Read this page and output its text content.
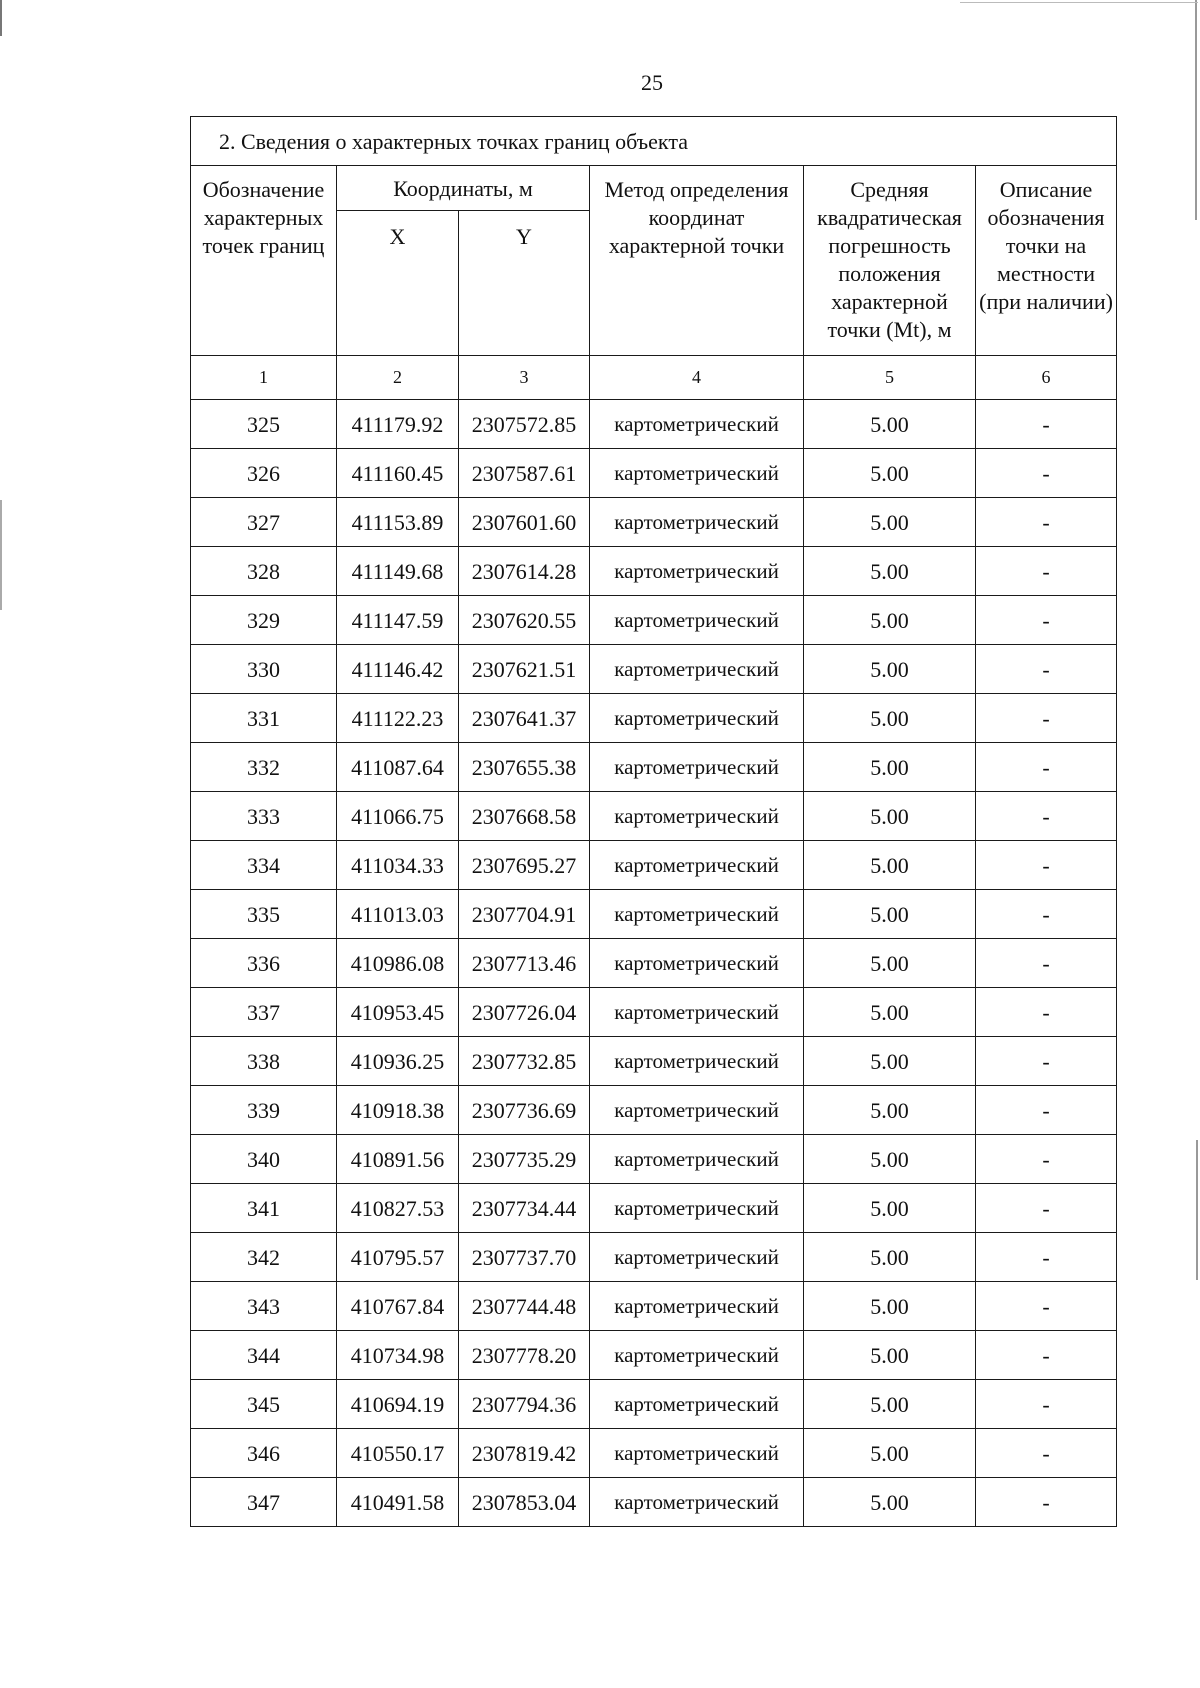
25
2. Сведения о характерных точках границ объекта					
Обозначение характерных точек границ	Координаты, м		Метод определения координат характерной точки	Средняя квадратическая погрешность положения характерной точки (Mt), м	Описание обозначения точки на местности (при наличии)
	X	Y			
1	2	3	4	5	6
325	411179.92	2307572.85	картометрический	5.00	-
326	411160.45	2307587.61	картометрический	5.00	-
327	411153.89	2307601.60	картометрический	5.00	-
328	411149.68	2307614.28	картометрический	5.00	-
329	411147.59	2307620.55	картометрический	5.00	-
330	411146.42	2307621.51	картометрический	5.00	-
331	411122.23	2307641.37	картометрический	5.00	-
332	411087.64	2307655.38	картометрический	5.00	-
333	411066.75	2307668.58	картометрический	5.00	-
334	411034.33	2307695.27	картометрический	5.00	-
335	411013.03	2307704.91	картометрический	5.00	-
336	410986.08	2307713.46	картометрический	5.00	-
337	410953.45	2307726.04	картометрический	5.00	-
338	410936.25	2307732.85	картометрический	5.00	-
339	410918.38	2307736.69	картометрический	5.00	-
340	410891.56	2307735.29	картометрический	5.00	-
341	410827.53	2307734.44	картометрический	5.00	-
342	410795.57	2307737.70	картометрический	5.00	-
343	410767.84	2307744.48	картометрический	5.00	-
344	410734.98	2307778.20	картометрический	5.00	-
345	410694.19	2307794.36	картометрический	5.00	-
346	410550.17	2307819.42	картометрический	5.00	-
347	410491.58	2307853.04	картометрический	5.00	-
